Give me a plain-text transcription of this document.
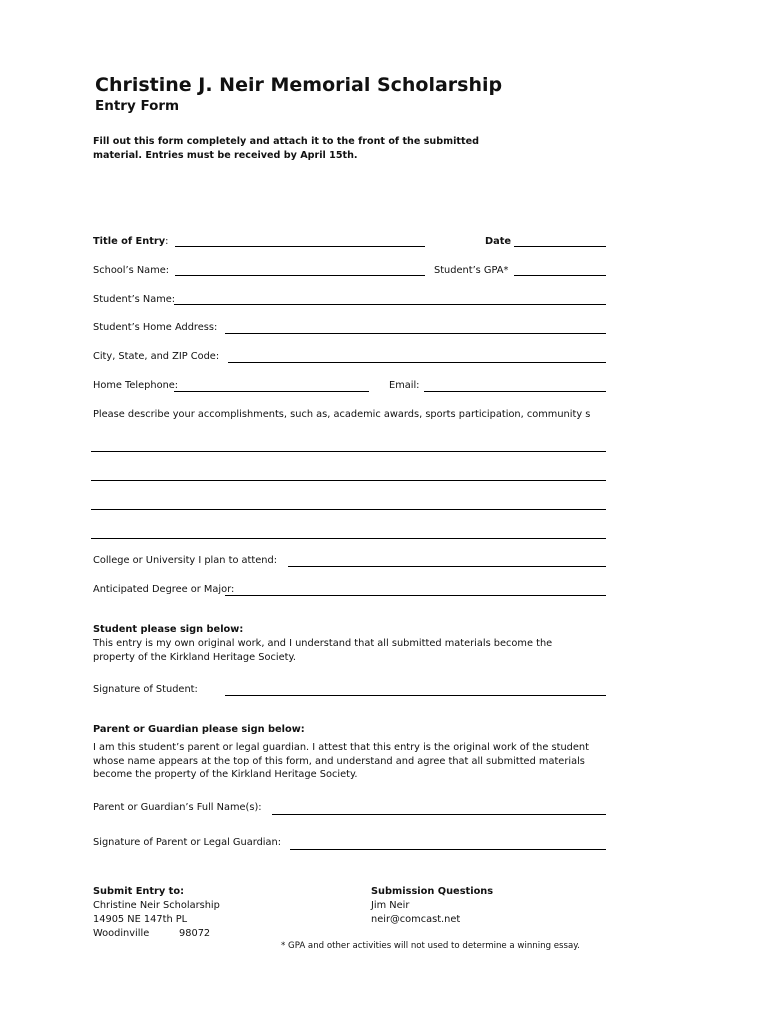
Christine J. Neir Memorial Scholarship
Entry Form
Fill out this form completely and attach it to the front of the submitted material. Entries must be received by April 15th.
Title of Entry:	Date
School’s Name:	Student’s GPA*
Student’s Name:
Student’s Home Address:
City, State, and ZIP Code:
Home Telephone:	Email:
Please describe your accomplishments, such as, academic awards, sports participation, community s
College or University I plan to attend:
Anticipated Degree or Major:
Student please sign below:
This entry is my own original work, and I understand that all submitted materials become the property of the Kirkland Heritage Society.
Signature of Student:
Parent or Guardian please sign below:
I am this student’s parent or legal guardian. I attest that this entry is the original work of the student whose name appears at the top of this form, and understand and agree that all submitted materials become the property of the Kirkland Heritage Society.
Parent or Guardian’s Full Name(s):
Signature of Parent or Legal Guardian:
Submit Entry to:
Christine Neir Scholarship
14905 NE 147th PL
Woodinville	98072
Submission Questions
Jim Neir
neir@comcast.net
* GPA and other activities will not used to determine a winning essay.
